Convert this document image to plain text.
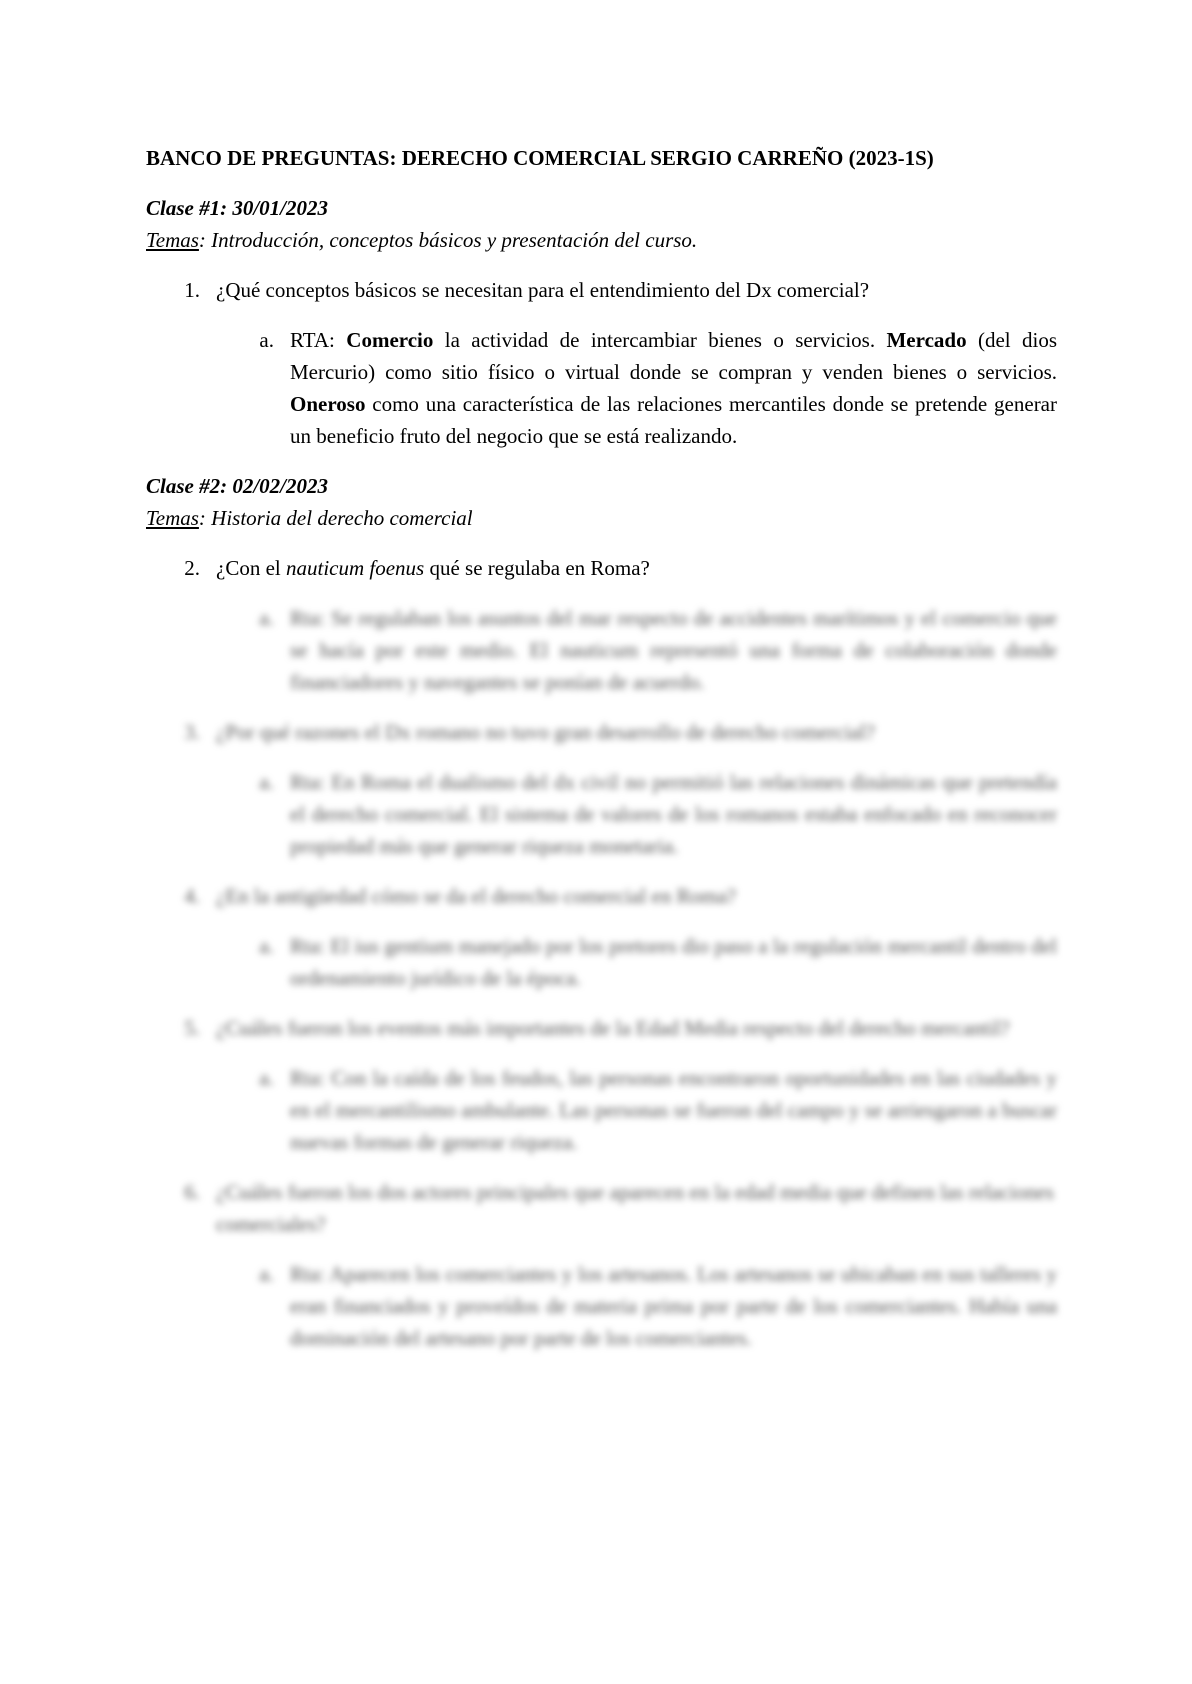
BANCO DE PREGUNTAS: DERECHO COMERCIAL SERGIO CARREÑO (2023-1S)

Clase #1: 30/01/2023

Temas: Introducción, conceptos básicos y presentación del curso.

1. ¿Qué conceptos básicos se necesitan para el entendimiento del Dx comercial?
a. RTA: Comercio la actividad de intercambiar bienes o servicios. Mercado (del dios Mercurio) como sitio físico o virtual donde se compran y venden bienes o servicios. Oneroso como una característica de las relaciones mercantiles donde se pretende generar un beneficio fruto del negocio que se está realizando.

Clase #2: 02/02/2023

Temas: Historia del derecho comercial

2. ¿Con el nauticum foenus qué se regulaba en Roma?
a. Rta: Se regulaban los asuntos del mar respecto de accidentes marítimos y el comercio que se hacía por este medio. El nauticum representó una forma de colaboración donde financiadores y navegantes se ponían de acuerdo.
3. ¿Por qué razones el Dx romano no tuvo gran desarrollo de derecho comercial?
a. Rta: En Roma el dualismo del dx civil no permitió las relaciones dinámicas que pretendía el derecho comercial. El sistema de valores de los romanos estaba enfocado en reconocer propiedad más que generar riqueza monetaria.
4. ¿En la antigüedad cómo se da el derecho comercial en Roma?
a. Rta: El ius gentium manejado por los pretores dio paso a la regulación mercantil dentro del ordenamiento jurídico de la época.
5. ¿Cuáles fueron los eventos más importantes de la Edad Media respecto del derecho mercantil?
a. Rta: Con la caída de los feudos, las personas encontraron oportunidades en las ciudades y en el mercantilismo ambulante. Las personas se fueron del campo y se arriesgaron a buscar nuevas formas de generar riqueza.
6. ¿Cuáles fueron los dos actores principales que aparecen en la edad media que definen las relaciones comerciales?
a. Rta: Aparecen los comerciantes y los artesanos. Los artesanos se ubicaban en sus talleres y eran financiados y proveídos de materia prima por parte de los comerciantes. Había una dominación del artesano por parte de los comerciantes.
